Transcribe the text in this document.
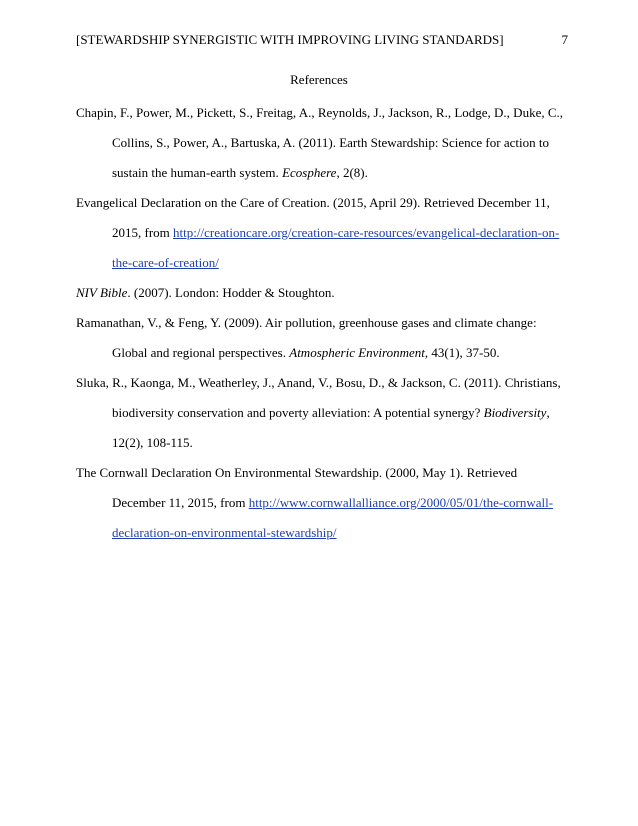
[STEWARDSHIP SYNERGISTIC WITH IMPROVING LIVING STANDARDS]	7
References

Chapin, F., Power, M., Pickett, S., Freitag, A., Reynolds, J., Jackson, R., Lodge, D., Duke, C., Collins, S., Power, A., Bartuska, A. (2011). Earth Stewardship: Science for action to sustain the human-earth system. Ecosphere, 2(8).

Evangelical Declaration on the Care of Creation. (2015, April 29). Retrieved December 11, 2015, from http://creationcare.org/creation-care-resources/evangelical-declaration-on-the-care-of-creation/

NIV Bible. (2007). London: Hodder & Stoughton.

Ramanathan, V., & Feng, Y. (2009). Air pollution, greenhouse gases and climate change: Global and regional perspectives. Atmospheric Environment, 43(1), 37-50.

Sluka, R., Kaonga, M., Weatherley, J., Anand, V., Bosu, D., & Jackson, C. (2011). Christians, biodiversity conservation and poverty alleviation: A potential synergy? Biodiversity, 12(2), 108-115.

The Cornwall Declaration On Environmental Stewardship. (2000, May 1). Retrieved December 11, 2015, from http://www.cornwallalliance.org/2000/05/01/the-cornwall-declaration-on-environmental-stewardship/
